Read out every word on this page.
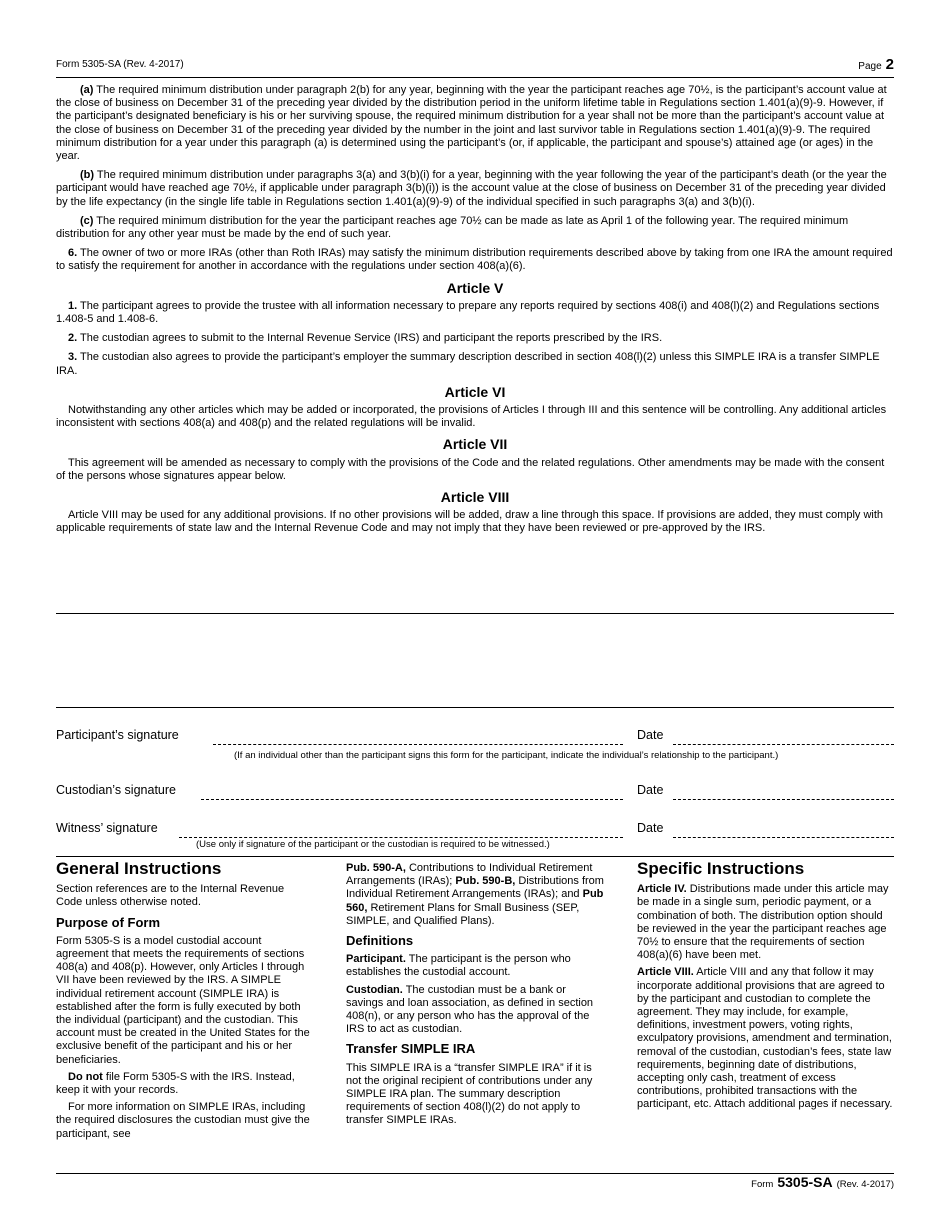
Form 5305-SA (Rev. 4-2017)	Page 2

(a) The required minimum distribution under paragraph 2(b) for any year, beginning with the year the participant reaches age 70½, is the participant’s account value at the close of business on December 31 of the preceding year divided by the distribution period in the uniform lifetime table in Regulations section 1.401(a)(9)-9. However, if the participant’s designated beneficiary is his or her surviving spouse, the required minimum distribution for a year shall not be more than the participant’s account value at the close of business on December 31 of the preceding year divided by the number in the joint and last survivor table in Regulations section 1.401(a)(9)-9. The required minimum distribution for a year under this paragraph (a) is determined using the participant’s (or, if applicable, the participant and spouse’s) attained age (or ages) in the year.

(b) The required minimum distribution under paragraphs 3(a) and 3(b)(i) for a year, beginning with the year following the year of the participant’s death (or the year the participant would have reached age 70½, if applicable under paragraph 3(b)(i)) is the account value at the close of business on December 31 of the preceding year divided by the life expectancy (in the single life table in Regulations section 1.401(a)(9)-9) of the individual specified in such paragraphs 3(a) and 3(b)(i).

(c) The required minimum distribution for the year the participant reaches age 70½ can be made as late as April 1 of the following year. The required minimum distribution for any other year must be made by the end of such year.

6. The owner of two or more IRAs (other than Roth IRAs) may satisfy the minimum distribution requirements described above by taking from one IRA the amount required to satisfy the requirement for another in accordance with the regulations under section 408(a)(6).

Article V

1. The participant agrees to provide the trustee with all information necessary to prepare any reports required by sections 408(i) and 408(l)(2) and Regulations sections 1.408-5 and 1.408-6.

2. The custodian agrees to submit to the Internal Revenue Service (IRS) and participant the reports prescribed by the IRS.

3. The custodian also agrees to provide the participant’s employer the summary description described in section 408(l)(2) unless this SIMPLE IRA is a transfer SIMPLE IRA.

Article VI

Notwithstanding any other articles which may be added or incorporated, the provisions of Articles I through III and this sentence will be controlling. Any additional articles inconsistent with sections 408(a) and 408(p) and the related regulations will be invalid.

Article VII

This agreement will be amended as necessary to comply with the provisions of the Code and the related regulations. Other amendments may be made with the consent of the persons whose signatures appear below.

Article VIII

Article VIII may be used for any additional provisions. If no other provisions will be added, draw a line through this space. If provisions are added, they must comply with applicable requirements of state law and the Internal Revenue Code and may not imply that they have been reviewed or pre-approved by the IRS.

Participant’s signature	Date
(If an individual other than the participant signs this form for the participant, indicate the individual’s relationship to the participant.)
Custodian’s signature	Date
Witness’ signature	Date
(Use only if signature of the participant or the custodian is required to be witnessed.)
General Instructions

Section references are to the Internal Revenue Code unless otherwise noted.

Purpose of Form

Form 5305-S is a model custodial account agreement that meets the requirements of sections 408(a) and 408(p). However, only Articles I through VII have been reviewed by the IRS. A SIMPLE individual retirement account (SIMPLE IRA) is established after the form is fully executed by both the individual (participant) and the custodian. This account must be created in the United States for the exclusive benefit of the participant and his or her beneficiaries.

Do not file Form 5305-S with the IRS. Instead, keep it with your records.

For more information on SIMPLE IRAs, including the required disclosures the custodian must give the participant, see

Pub. 590-A, Contributions to Individual Retirement Arrangements (IRAs); Pub. 590-B, Distributions from Individual Retirement Arrangements (IRAs); and Pub 560, Retirement Plans for Small Business (SEP, SIMPLE, and Qualified Plans).

Definitions

Participant. The participant is the person who establishes the custodial account.

Custodian. The custodian must be a bank or savings and loan association, as defined in section 408(n), or any person who has the approval of the IRS to act as custodian.

Transfer SIMPLE IRA

This SIMPLE IRA is a “transfer SIMPLE IRA” if it is not the original recipient of contributions under any SIMPLE IRA plan. The summary description requirements of section 408(l)(2) do not apply to transfer SIMPLE IRAs.

Specific Instructions

Article IV. Distributions made under this article may be made in a single sum, periodic payment, or a combination of both. The distribution option should be reviewed in the year the participant reaches age 70½ to ensure that the requirements of section 408(a)(6) have been met.

Article VIII. Article VIII and any that follow it may incorporate additional provisions that are agreed to by the participant and custodian to complete the agreement. They may include, for example, definitions, investment powers, voting rights, exculpatory provisions, amendment and termination, removal of the custodian, custodian’s fees, state law requirements, beginning date of distributions, accepting only cash, treatment of excess contributions, prohibited transactions with the participant, etc. Attach additional pages if necessary.

Form 5305-SA (Rev. 4-2017)
